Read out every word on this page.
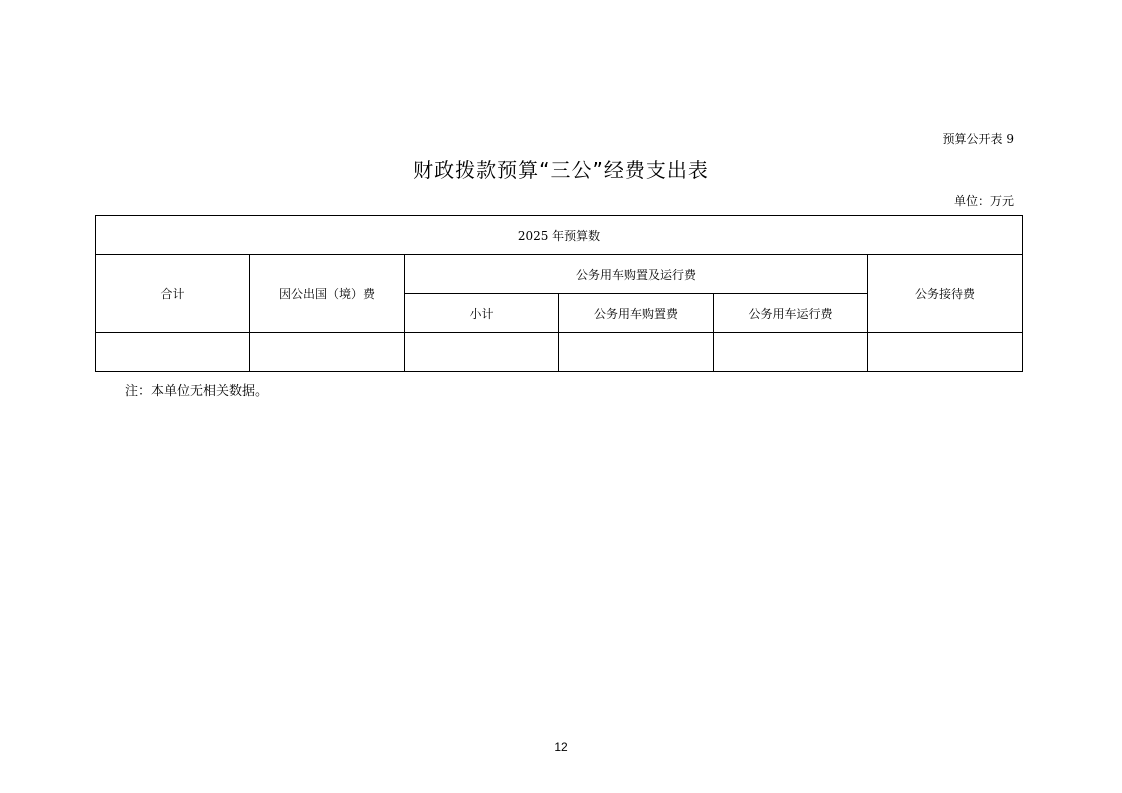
预算公开表 9
财政拨款预算“三公”经费支出表
单位：万元
2025 年预算数					
合计	因公出国（境）费	公务用车购置及运行费			公务接待费
		小计	公务用车购置费	公务用车运行费	

注：本单位无相关数据。
12
